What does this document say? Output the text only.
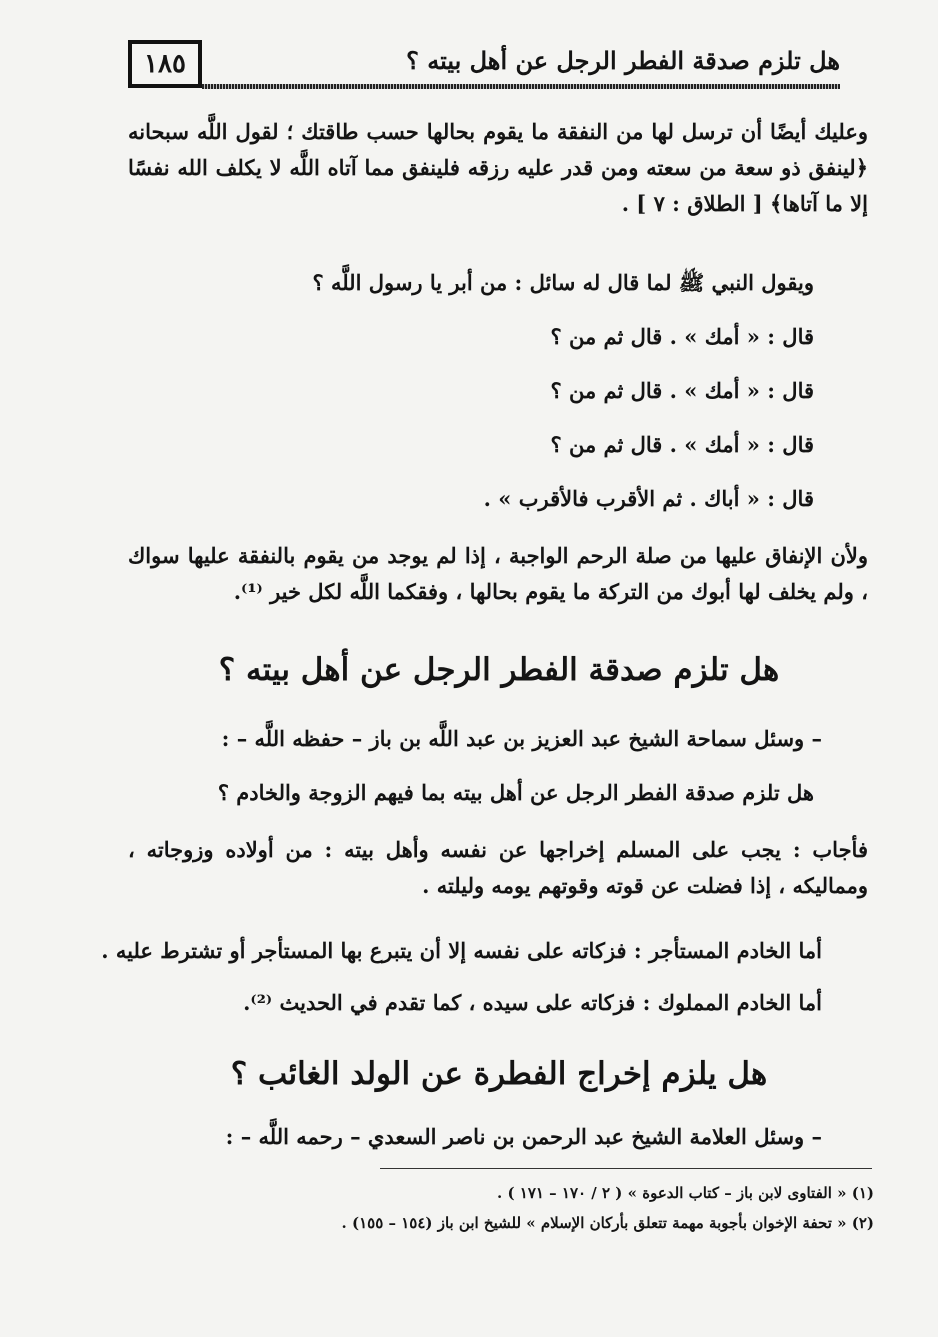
١٨٥	هل تلزم صدقة الفطر الرجل عن أهل بيته ؟

وعليك أيضًا أن ترسل لها من النفقة ما يقوم بحالها حسب طاقتك ؛ لقول اللَّه سبحانه ﴿لينفق ذو سعة من سعته ومن قدر عليه رزقه فلينفق مما آتاه اللَّه لا يكلف الله نفسًا إلا ما آتاها﴾ [ الطلاق : ٧ ] .

ويقول النبي ﷺ لما قال له سائل : من أبر يا رسول اللَّه ؟
قال : « أمك » . قال ثم من ؟
قال : « أمك » . قال ثم من ؟
قال : « أمك » . قال ثم من ؟
قال : « أباك . ثم الأقرب فالأقرب » .

ولأن الإنفاق عليها من صلة الرحم الواجبة ، إذا لم يوجد من يقوم بالنفقة عليها سواك ، ولم يخلف لها أبوك من التركة ما يقوم بحالها ، وفقكما اللَّه لكل خير ⁽¹⁾.

هل تلزم صدقة الفطر الرجل عن أهل بيته ؟
– وسئل سماحة الشيخ عبد العزيز بن عبد اللَّه بن باز – حفظه اللَّه – :
هل تلزم صدقة الفطر الرجل عن أهل بيته بما فيهم الزوجة والخادم ؟

فأجاب : يجب على المسلم إخراجها عن نفسه وأهل بيته : من أولاده وزوجاته ، ومماليكه ، إذا فضلت عن قوته وقوتهم يومه وليلته .

أما الخادم المستأجر : فزكاته على نفسه إلا أن يتبرع بها المستأجر أو تشترط عليه .
أما الخادم المملوك : فزكاته على سيده ، كما تقدم في الحديث ⁽²⁾.
هل يلزم إخراج الفطرة عن الولد الغائب ؟
– وسئل العلامة الشيخ عبد الرحمن بن ناصر السعدي – رحمه اللَّه – :
(١) « الفتاوى لابن باز – كتاب الدعوة » ( ٢ / ١٧٠ – ١٧١ ) .
(٢) « تحفة الإخوان بأجوبة مهمة تتعلق بأركان الإسلام » للشيخ ابن باز (١٥٤ – ١٥٥) .
